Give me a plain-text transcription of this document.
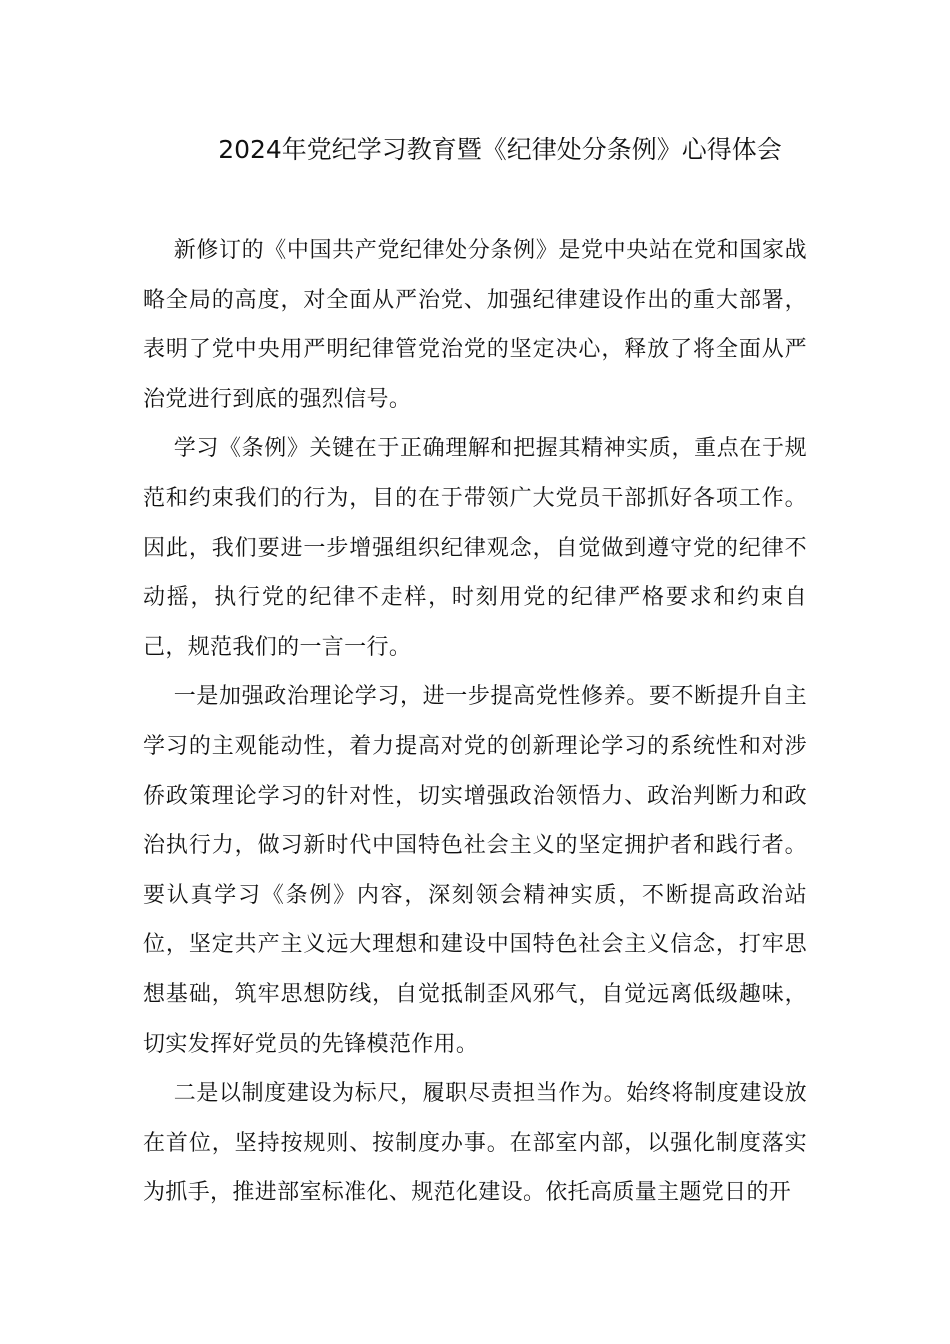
2024年党纪学习教育暨《纪律处分条例》心得体会

新修订的《中国共产党纪律处分条例》是党中央站在党和国家战略全局的高度，对全面从严治党、加强纪律建设作出的重大部署，表明了党中央用严明纪律管党治党的坚定决心，释放了将全面从严治党进行到底的强烈信号。

学习《条例》关键在于正确理解和把握其精神实质，重点在于规范和约束我们的行为，目的在于带领广大党员干部抓好各项工作。因此，我们要进一步增强组织纪律观念，自觉做到遵守党的纪律不动摇，执行党的纪律不走样，时刻用党的纪律严格要求和约束自己，规范我们的一言一行。

一是加强政治理论学习，进一步提高党性修养。要不断提升自主学习的主观能动性，着力提高对党的创新理论学习的系统性和对涉侨政策理论学习的针对性，切实增强政治领悟力、政治判断力和政治执行力，做习新时代中国特色社会主义的坚定拥护者和践行者。要认真学习《条例》内容，深刻领会精神实质，不断提高政治站位，坚定共产主义远大理想和建设中国特色社会主义信念，打牢思想基础，筑牢思想防线，自觉抵制歪风邪气，自觉远离低级趣味，切实发挥好党员的先锋模范作用。

二是以制度建设为标尺，履职尽责担当作为。始终将制度建设放在首位，坚持按规则、按制度办事。在部室内部，以强化制度落实为抓手，推进部室标准化、规范化建设。依托高质量主题党日的开
